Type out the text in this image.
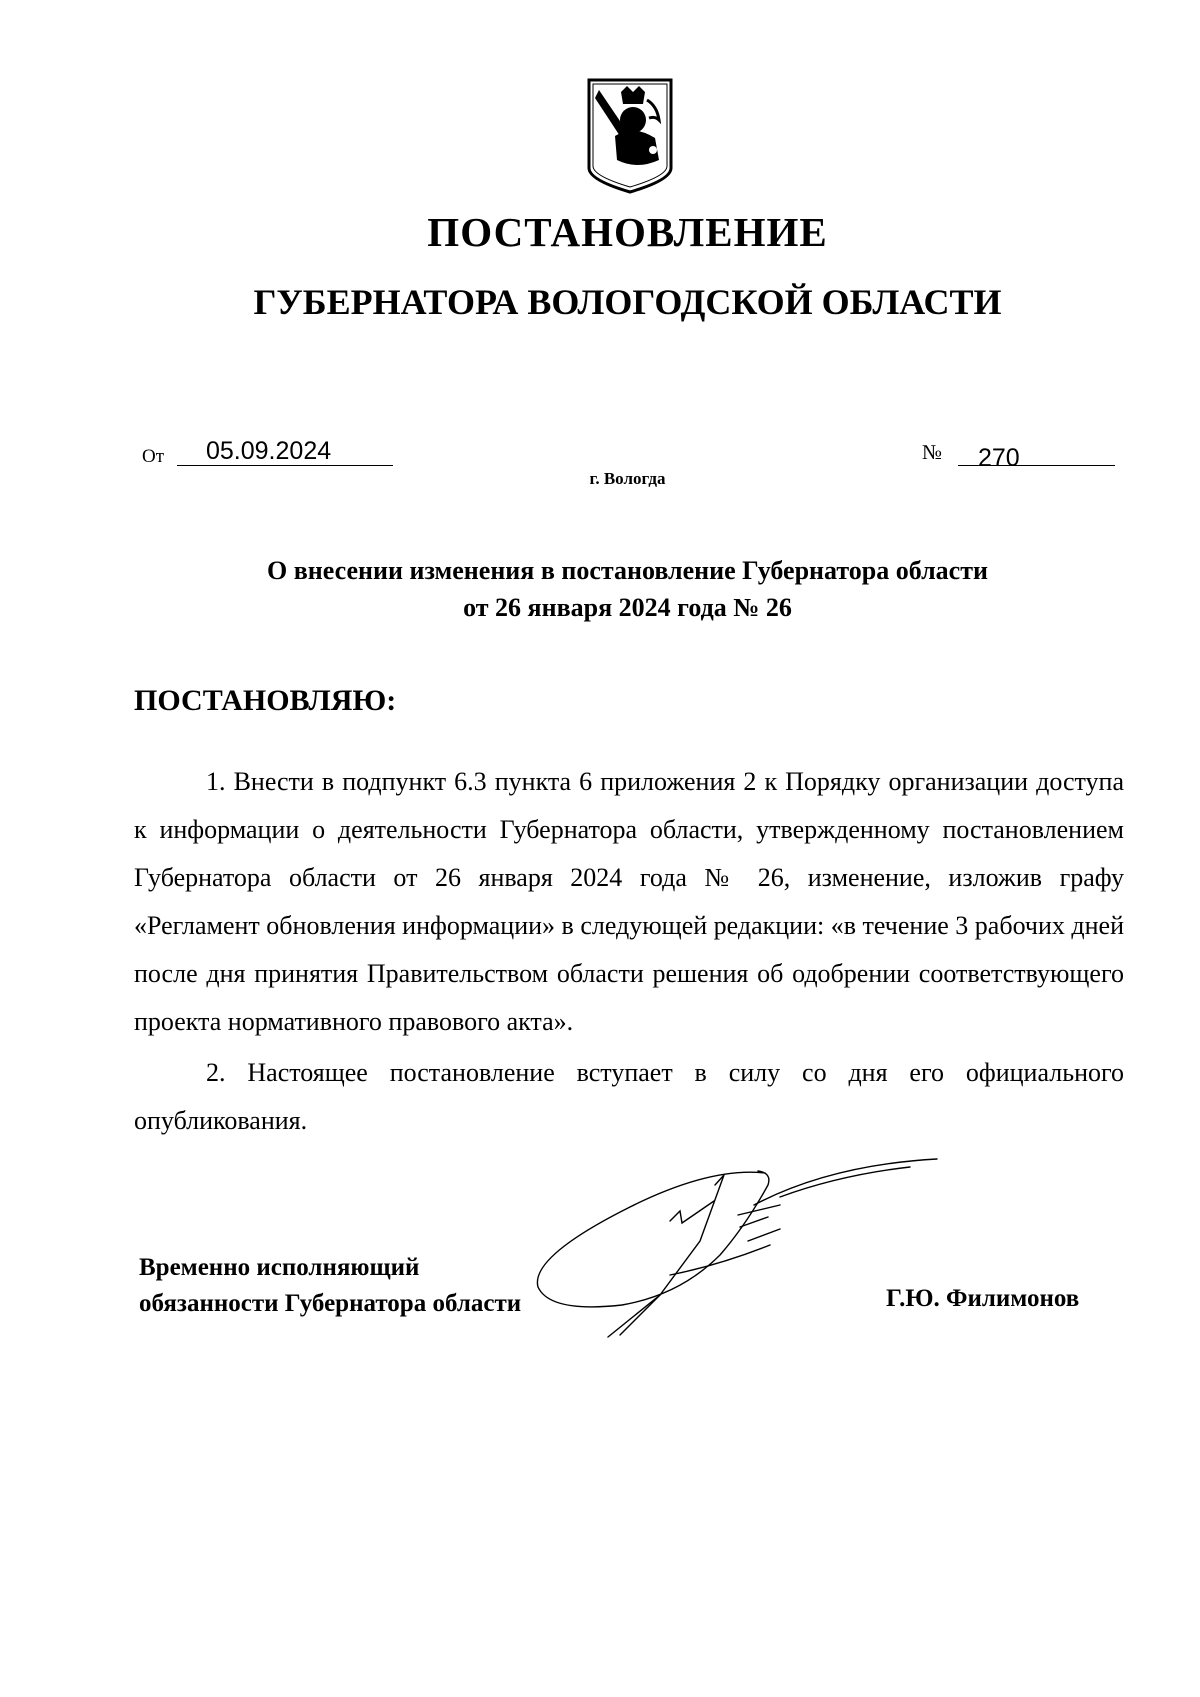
ПОСТАНОВЛЕНИЕ
ГУБЕРНАТОРА ВОЛОГОДСКОЙ ОБЛАСТИ
От 05.09.2024	№ 270
г. Вологда
О внесении изменения в постановление Губернатора области
от 26 января 2024 года № 26
ПОСТАНОВЛЯЮ:

1. Внести в подпункт 6.3 пункта 6 приложения 2 к Порядку организации доступа к информации о деятельности Губернатора области, утвержденному постановлением Губернатора области от 26 января 2024 года № 26, изменение, изложив графу «Регламент обновления информации» в следующей редакции: «в течение 3 рабочих дней после дня принятия Правительством области решения об одобрении соответствующего проекта нормативного правового акта».

2. Настоящее постановление вступает в силу со дня его официального опубликования.

Временно исполняющий
обязанности Губернатора области	Г.Ю. Филимонов
